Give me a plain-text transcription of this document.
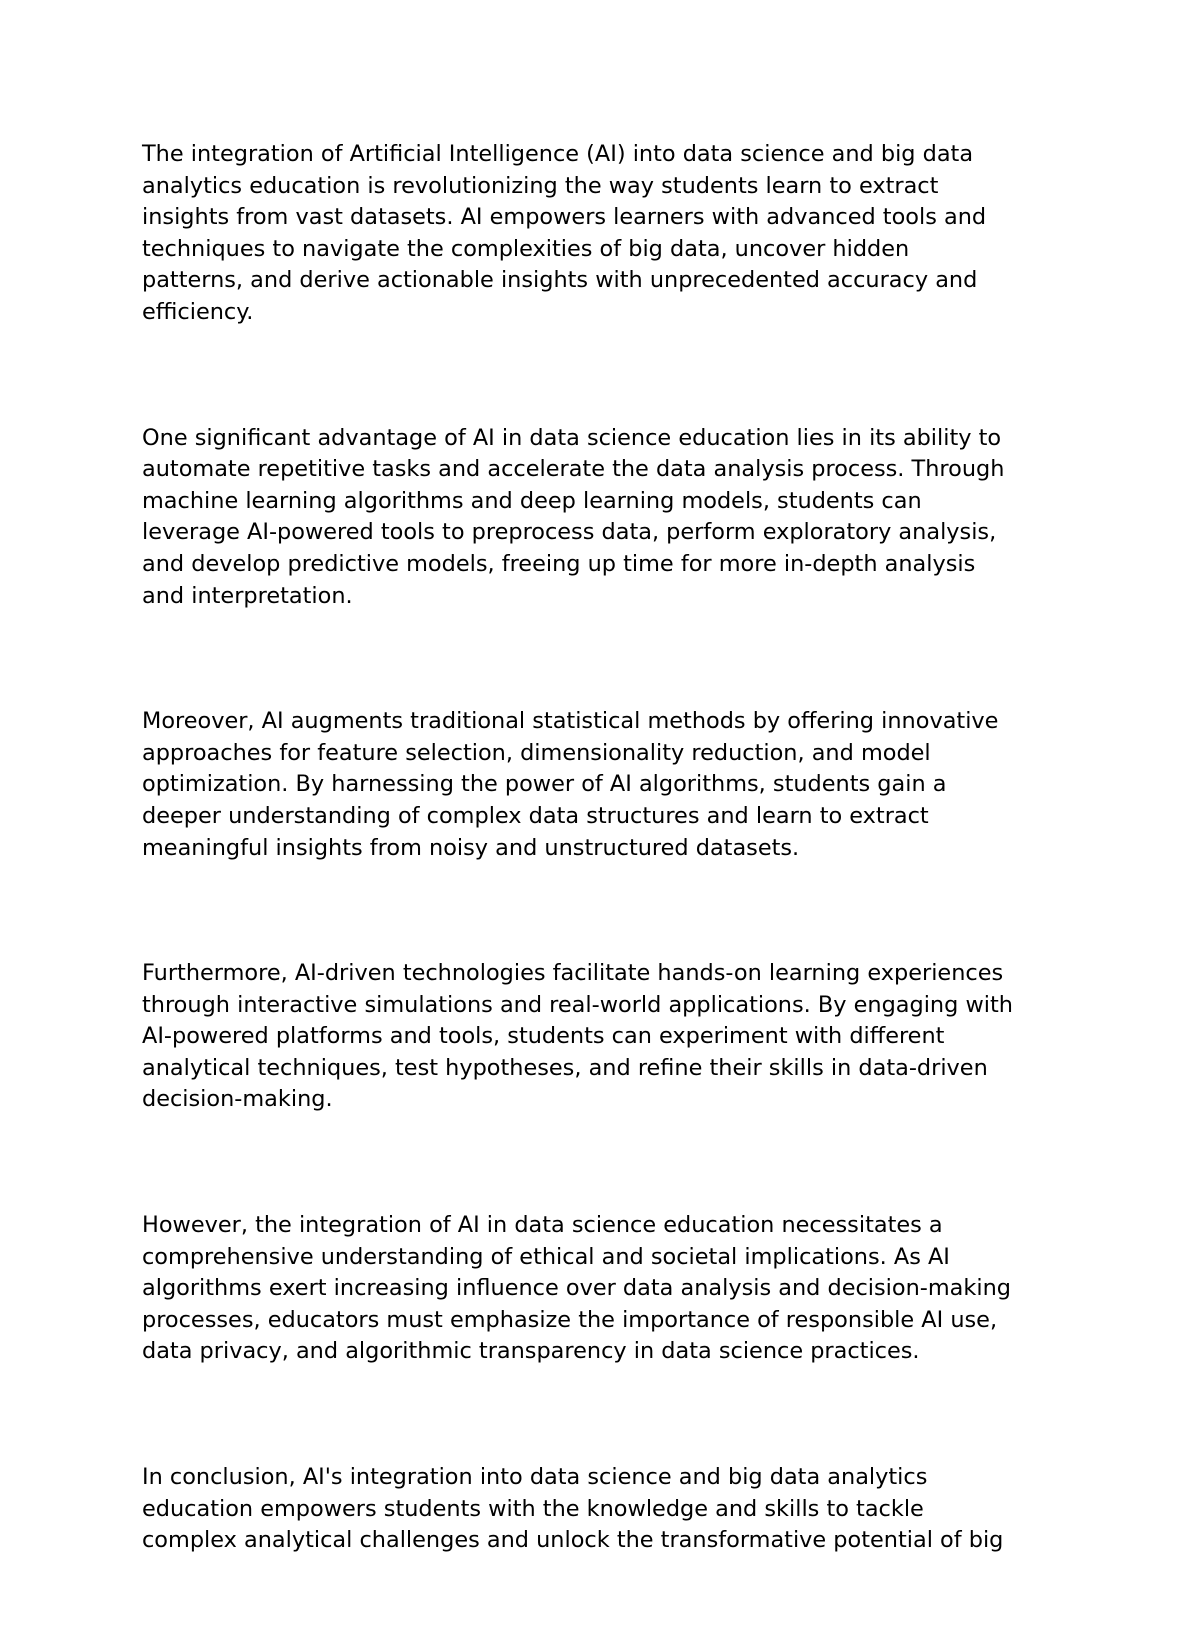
The integration of Artificial Intelligence (AI) into data science and big data
analytics education is revolutionizing the way students learn to extract
insights from vast datasets. AI empowers learners with advanced tools and
techniques to navigate the complexities of big data, uncover hidden
patterns, and derive actionable insights with unprecedented accuracy and
efficiency.

One significant advantage of AI in data science education lies in its ability to
automate repetitive tasks and accelerate the data analysis process. Through
machine learning algorithms and deep learning models, students can
leverage AI-powered tools to preprocess data, perform exploratory analysis,
and develop predictive models, freeing up time for more in-depth analysis
and interpretation.

Moreover, AI augments traditional statistical methods by offering innovative
approaches for feature selection, dimensionality reduction, and model
optimization. By harnessing the power of AI algorithms, students gain a
deeper understanding of complex data structures and learn to extract
meaningful insights from noisy and unstructured datasets.

Furthermore, AI-driven technologies facilitate hands-on learning experiences
through interactive simulations and real-world applications. By engaging with
AI-powered platforms and tools, students can experiment with different
analytical techniques, test hypotheses, and refine their skills in data-driven
decision-making.

However, the integration of AI in data science education necessitates a
comprehensive understanding of ethical and societal implications. As AI
algorithms exert increasing influence over data analysis and decision-making
processes, educators must emphasize the importance of responsible AI use,
data privacy, and algorithmic transparency in data science practices.

In conclusion, AI's integration into data science and big data analytics
education empowers students with the knowledge and skills to tackle
complex analytical challenges and unlock the transformative potential of big
